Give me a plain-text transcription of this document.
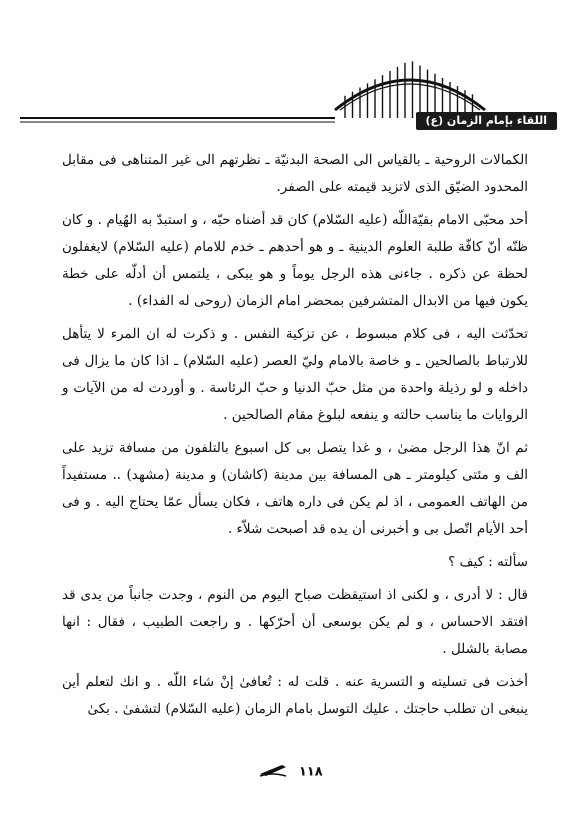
اللقاء بإمام الزمان (ع)

الكمالات الروحية ـ بالقياس الى الصحة البدنيّة ـ نظرتهم الى غير المتناهى فى مقابل المحدود الضيّق الذى لاتزيد قيمته على الصفر.

أحد محبّى الامام بقيّةاللّه (عليه السّلام) كان قد أضناه حبّه ، و استبدّ به الهُيام . و كان ظنّه أنّ كافّة طلبة العلوم الدينية ـ و هو أحدهم ـ خدم للامام (عليه السّلام) لايغفلون لحظة عن ذكره . جاءنى هذه الرجل يوماً و هو يبكى ، يلتمس أن أدلّه على خطة يكون فيها من الابدال المتشرفين بمحضر امام الزمان (روحى له الفداء) .

تحدّثت اليه ، فى كلام مبسوط ، عن تزكية النفس . و ذكرت له ان المرء لا يتأهل للارتباط بالصالحين ـ و خاصة بالامام وليّ العصر (عليه السّلام) ـ اذا كان ما يزال فى داخله و لو رذيلة واحدة من مثل حبّ الدنيا و حبّ الرئاسة . و أوردت له من الآيات و الروايات ما يناسب حالته و ينفعه لبلوغ مقام الصالحين .

ثم انّ هذا الرجل مضىٰ ، و غدا يتصل بى كل اسبوع بالتلفون من مسافة تزيد على الف و مئتى كيلومتر ـ هى المسافة بين مدينة (كاشان) و مدينة (مشهد) .. مستفيداً من الهاتف العمومى ، اذ لم يكن فى داره هاتف ، فكان يسأل عمّا يحتاج اليه . و فى أحد الأيام اتّصل بى و أخبرنى أن يده قد أصبحت شلاّء .

سألته : كيف ؟

قال : لا أدرى ، و لكنى اذ استيقظت صباح اليوم من النوم ، وجدت جانباً من يدى قد افتقد الاحساس ، و لم يكن بوسعى أن أحرّكها . و راجعت الطبيب ، فقال : انها مصابة بالشلل .

أخذت فى تسليته و التسرية عنه . قلت له : تُعافىٰ إنْ شاء اللّه . و انك لتعلم أين ينبغى ان تطلب حاجتك . عليك التوسل بامام الزمان (عليه السّلام) لتشفىٰ . بكىٰ

١١٨
